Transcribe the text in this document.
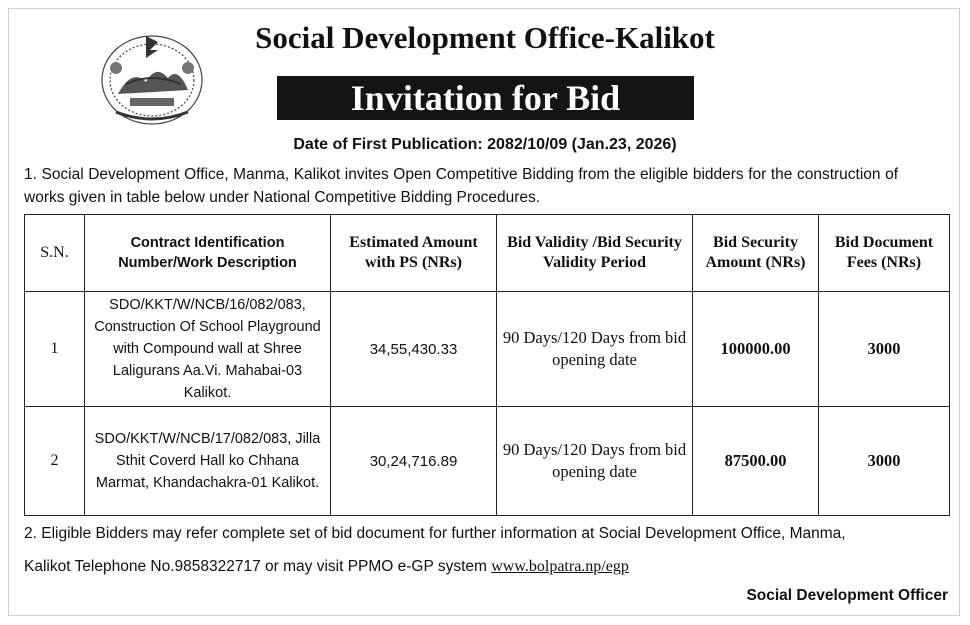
Social Development Office-Kalikot
Invitation for Bid
Date of First Publication: 2082/10/09 (Jan.23, 2026)
1. Social Development Office, Manma, Kalikot invites Open Competitive Bidding from the eligible bidders for the construction of works given in table below under National Competitive Bidding Procedures.
S.N.	Contract Identification Number/Work Description	Estimated Amount with PS (NRs)	Bid Validity /Bid Security Validity Period	Bid Security Amount (NRs)	Bid Document Fees (NRs)
1	SDO/KKT/W/NCB/16/082/083, Construction Of School Playground with Compound wall at Shree Laligurans Aa.Vi. Mahabai-03 Kalikot.	34,55,430.33	90 Days/120 Days from bid opening date	100000.00	3000
2	SDO/KKT/W/NCB/17/082/083, Jilla Sthit Coverd Hall ko Chhana Marmat, Khandachakra-01 Kalikot.	30,24,716.89	90 Days/120 Days from bid opening date	87500.00	3000
2. Eligible Bidders may refer complete set of bid document for further information at Social Development Office, Manma,
Kalikot Telephone No.9858322717 or may visit PPMO e-GP system www.bolpatra.np/egp
Social Development Officer
